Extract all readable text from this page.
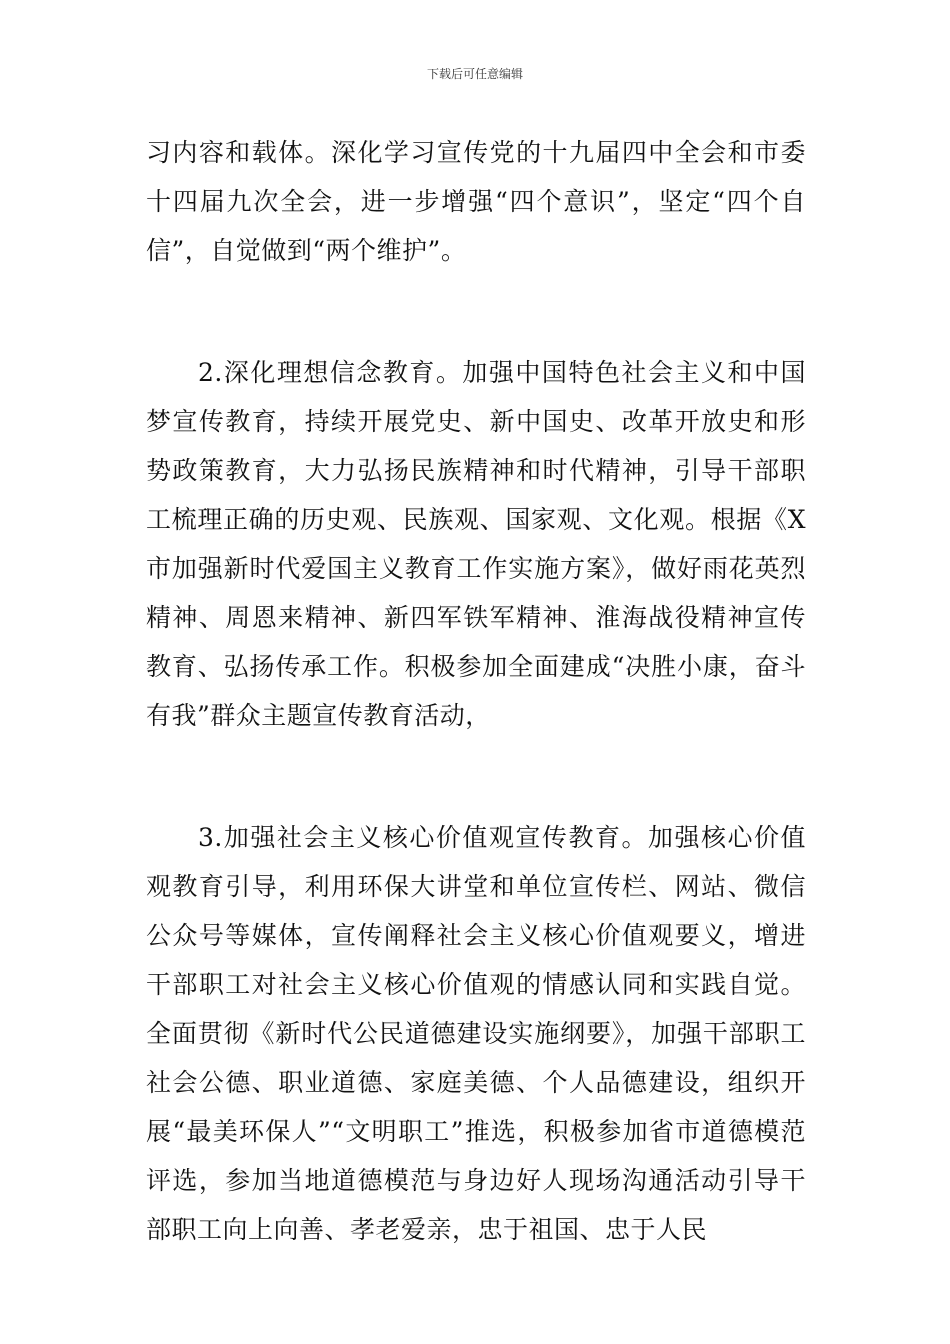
下载后可任意编辑

习内容和载体。深化学习宣传党的十九届四中全会和市委十四届九次全会，进一步增强“四个意识”，坚定“四个自信”，自觉做到“两个维护”。

2.深化理想信念教育。加强中国特色社会主义和中国梦宣传教育，持续开展党史、新中国史、改革开放史和形势政策教育，大力弘扬民族精神和时代精神，引导干部职工梳理正确的历史观、民族观、国家观、文化观。根据《X市加强新时代爱国主义教育工作实施方案》，做好雨花英烈精神、周恩来精神、新四军铁军精神、淮海战役精神宣传教育、弘扬传承工作。积极参加全面建成“决胜小康，奋斗有我”群众主题宣传教育活动，

3.加强社会主义核心价值观宣传教育。加强核心价值观教育引导，利用环保大讲堂和单位宣传栏、网站、微信公众号等媒体，宣传阐释社会主义核心价值观要义，增进干部职工对社会主义核心价值观的情感认同和实践自觉。全面贯彻《新时代公民道德建设实施纲要》，加强干部职工社会公德、职业道德、家庭美德、个人品德建设，组织开展“最美环保人”“文明职工”推选，积极参加省市道德模范评选，参加当地道德模范与身边好人现场沟通活动引导干部职工向上向善、孝老爱亲，忠于祖国、忠于人民
